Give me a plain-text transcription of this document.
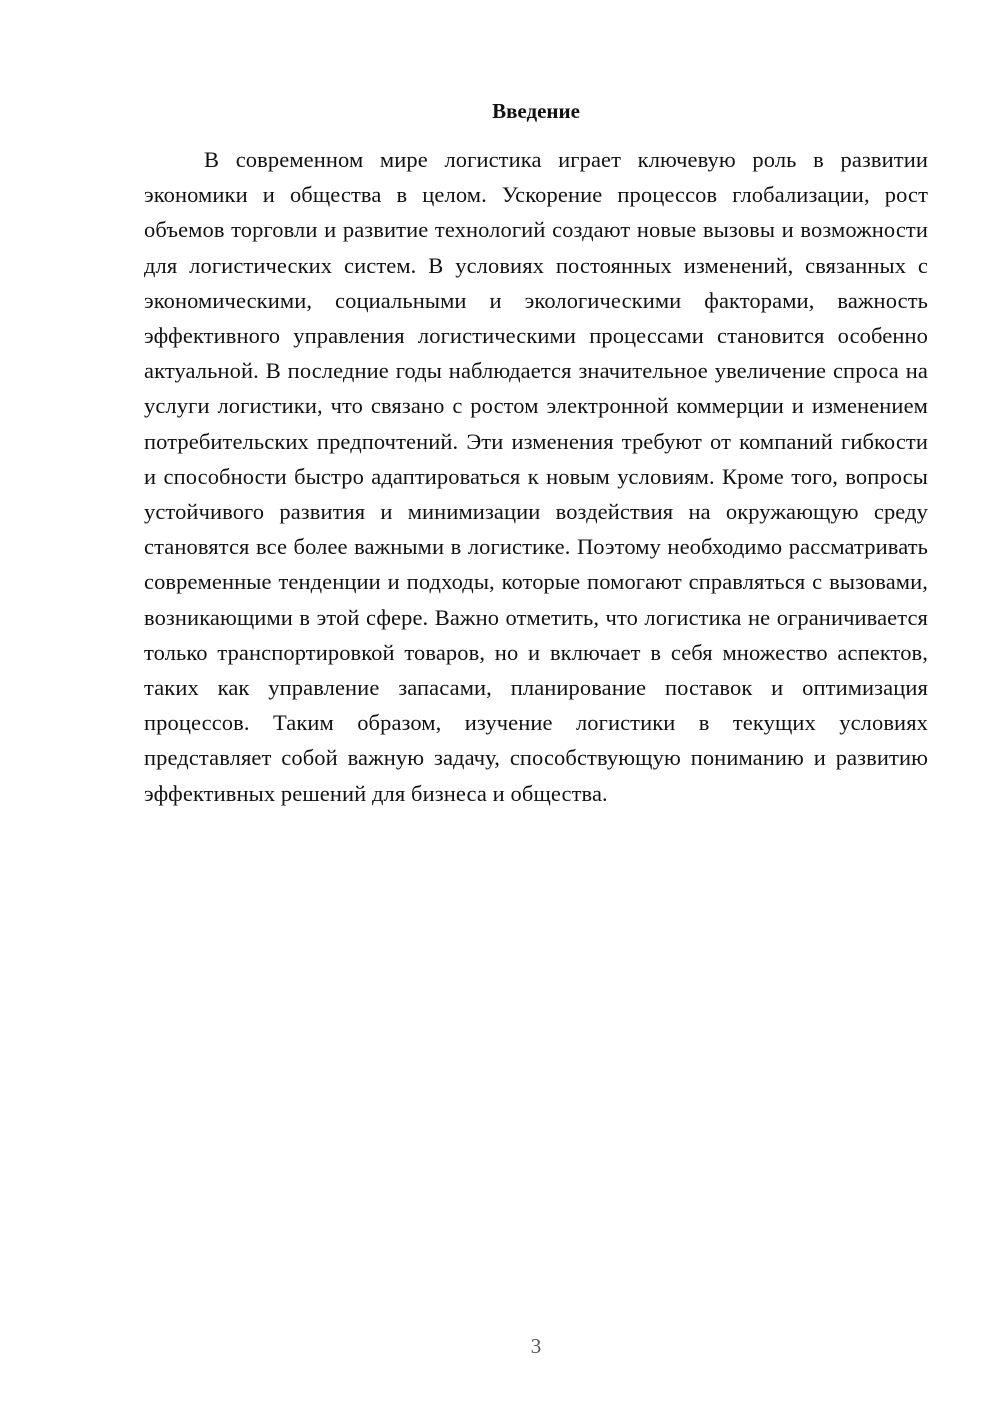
Введение

В современном мире логистика играет ключевую роль в развитии экономики и общества в целом. Ускорение процессов глобализации, рост объемов торговли и развитие технологий создают новые вызовы и возможности для логистических систем. В условиях постоянных изменений, связанных с экономическими, социальными и экологическими факторами, важность эффективного управления логистическими процессами становится особенно актуальной. В последние годы наблюдается значительное увеличение спроса на услуги логистики, что связано с ростом электронной коммерции и изменением потребительских предпочтений. Эти изменения требуют от компаний гибкости и способности быстро адаптироваться к новым условиям. Кроме того, вопросы устойчивого развития и минимизации воздействия на окружающую среду становятся все более важными в логистике. Поэтому необходимо рассматривать современные тенденции и подходы, которые помогают справляться с вызовами, возникающими в этой сфере. Важно отметить, что логистика не ограничивается только транспортировкой товаров, но и включает в себя множество аспектов, таких как управление запасами, планирование поставок и оптимизация процессов. Таким образом, изучение логистики в текущих условиях представляет собой важную задачу, способствующую пониманию и развитию эффективных решений для бизнеса и общества.

3
